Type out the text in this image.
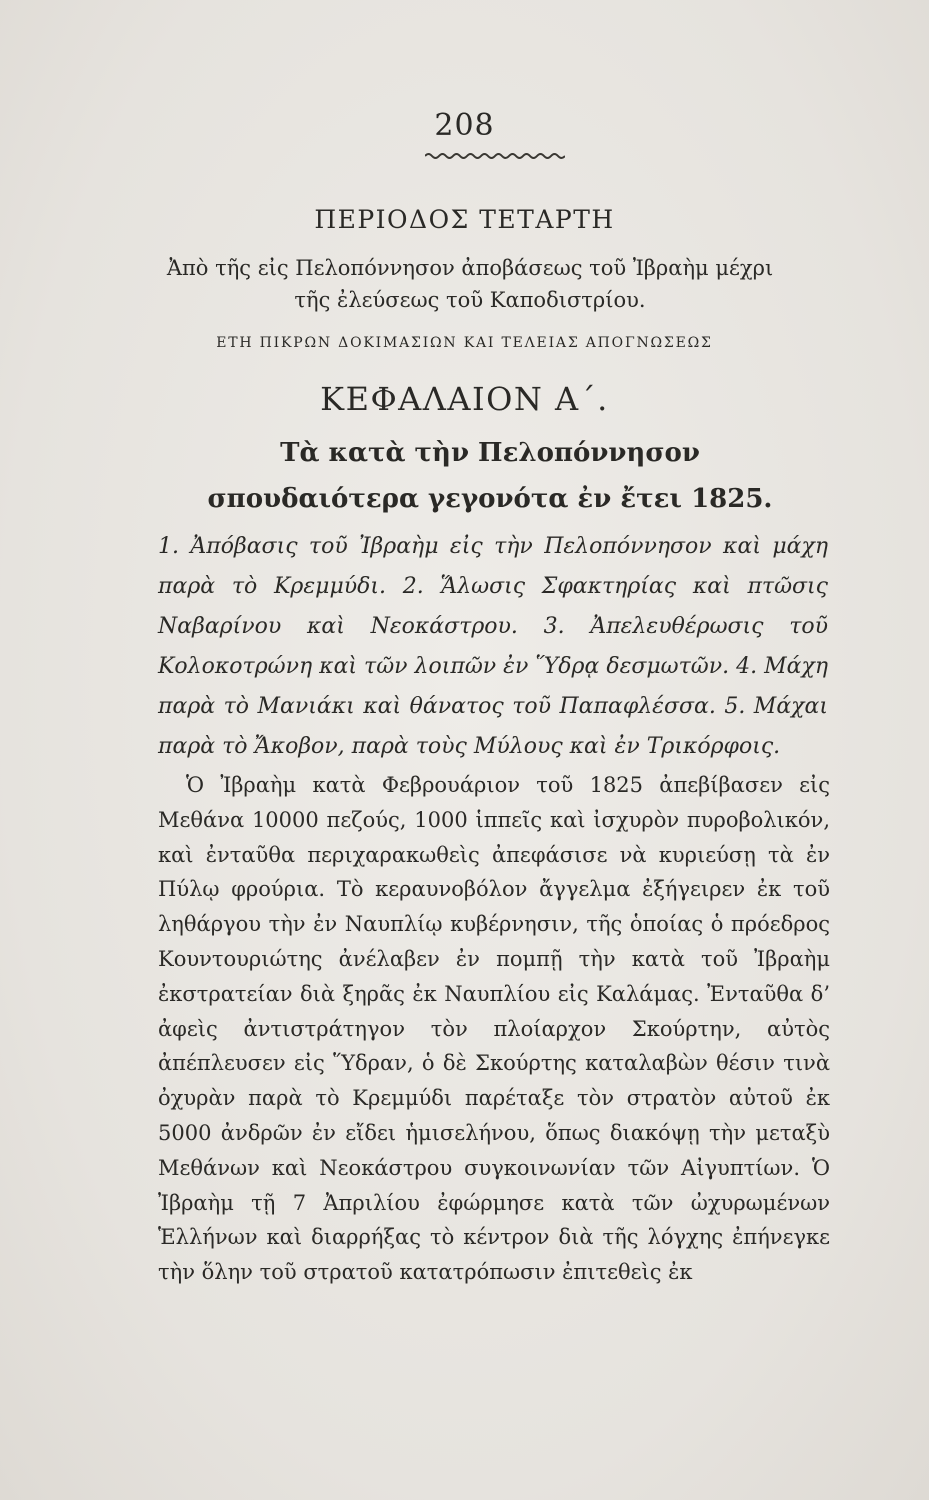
208
ΠΕΡΙΟΔΟΣ ΤΕΤΑΡΤΗ
Ἀπὸ τῆς εἰς Πελοπόννησον ἀποβάσεως τοῦ Ἰβραὴμ μέχρι τῆς ἐλεύσεως τοῦ Καποδιστρίου.
ΕΤΗ ΠΙΚΡΩΝ ΔΟΚΙΜΑΣΙΩΝ ΚΑΙ ΤΕΛΕΙΑΣ ΑΠΟΓΝΩΣΕΩΣ
ΚΕΦΑΛΑΙΟΝ Α΄.
Τὰ κατὰ τὴν Πελοπόννησον σπουδαιότερα γεγονότα ἐν ἔτει 1825.
1. Ἀπόβασις τοῦ Ἰβραὴμ εἰς τὴν Πελοπόννησον καὶ μάχη παρὰ τὸ Κρεμμύδι. 2. Ἅλωσις Σφακτηρίας καὶ πτῶσις Ναβαρίνου καὶ Νεοκάστρου. 3. Ἀπελευθέρωσις τοῦ Κολοκοτρώνη καὶ τῶν λοιπῶν ἐν Ὕδρᾳ δεσμωτῶν. 4. Μάχη παρὰ τὸ Μανιάκι καὶ θάνατος τοῦ Παπαφλέσσα. 5. Μάχαι παρὰ τὸ Ἄκοβον, παρὰ τοὺς Μύλους καὶ ἐν Τρικόρφοις.
Ὁ Ἰβραὴμ κατὰ Φεβρουάριον τοῦ 1825 ἀπεβίβασεν εἰς Μεθάνα 10000 πεζούς, 1000 ἱππεῖς καὶ ἰσχυρὸν πυροβολικόν, καὶ ἐνταῦθα περιχαρακωθεὶς ἀπεφάσισε νὰ κυριεύσῃ τὰ ἐν Πύλῳ φρούρια. Τὸ κεραυνοβόλον ἄγγελμα ἐξήγειρεν ἐκ τοῦ ληθάργου τὴν ἐν Ναυπλίῳ κυβέρνησιν, τῆς ὁποίας ὁ πρόεδρος Κουντουριώτης ἀνέλαβεν ἐν πομπῇ τὴν κατὰ τοῦ Ἰβραὴμ ἐκστρατείαν διὰ ξηρᾶς ἐκ Ναυπλίου εἰς Καλάμας. Ἐνταῦθα δ’ ἀφεὶς ἀντιστράτηγον τὸν πλοίαρχον Σκούρτην, αὐτὸς ἀπέπλευσεν εἰς Ὕδραν, ὁ δὲ Σκούρτης καταλαβὼν θέσιν τινὰ ὀχυρὰν παρὰ τὸ Κρεμμύδι παρέταξε τὸν στρατὸν αὐτοῦ ἐκ 5000 ἀνδρῶν ἐν εἴδει ἡμισελήνου, ὅπως διακόψῃ τὴν μεταξὺ Μεθάνων καὶ Νεοκάστρου συγκοινωνίαν τῶν Αἰγυπτίων. Ὁ Ἰβραὴμ τῇ 7 Ἀπριλίου ἐφώρμησε κατὰ τῶν ὠχυρωμένων Ἑλλήνων καὶ διαρρήξας τὸ κέντρον διὰ τῆς λόγχης ἐπήνεγκε τὴν ὅλην τοῦ στρατοῦ κατατρόπωσιν ἐπιτεθεὶς ἐκ
